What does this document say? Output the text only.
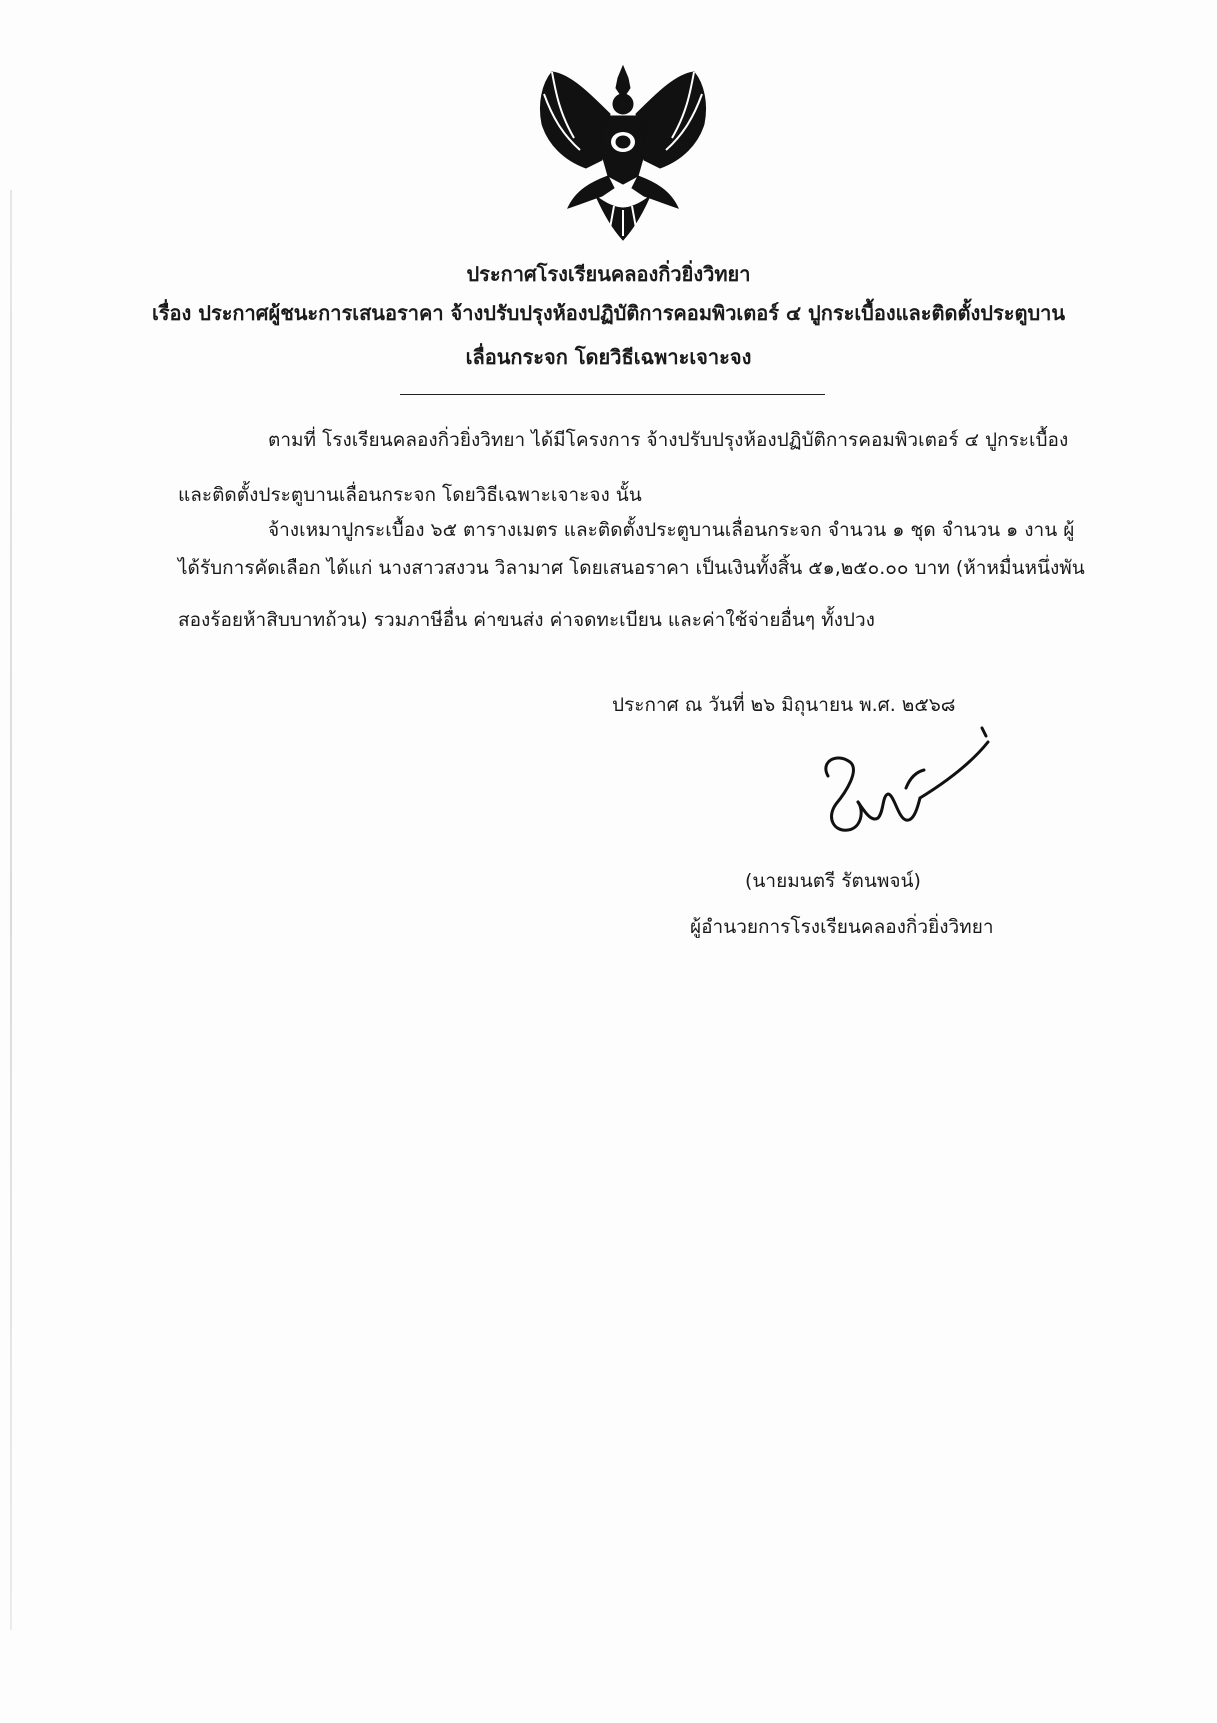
ประกาศโรงเรียนคลองกิ่วยิ่งวิทยา
เรื่อง ประกาศผู้ชนะการเสนอราคา จ้างปรับปรุงห้องปฏิบัติการคอมพิวเตอร์ ๔ ปูกระเบื้องและติดตั้งประตูบาน
เลื่อนกระจก โดยวิธีเฉพาะเจาะจง
ตามที่ โรงเรียนคลองกิ่วยิ่งวิทยา ได้มีโครงการ จ้างปรับปรุงห้องปฏิบัติการคอมพิวเตอร์ ๔ ปูกระเบื้อง
และติดตั้งประตูบานเลื่อนกระจก โดยวิธีเฉพาะเจาะจง นั้น
จ้างเหมาปูกระเบื้อง ๖๕ ตารางเมตร และติดตั้งประตูบานเลื่อนกระจก จำนวน ๑ ชุด จำนวน ๑ งาน ผู้
ได้รับการคัดเลือก ได้แก่ นางสาวสงวน วิลามาศ โดยเสนอราคา เป็นเงินทั้งสิ้น ๕๑,๒๕๐.๐๐ บาท (ห้าหมื่นหนึ่งพัน
สองร้อยห้าสิบบาทถ้วน) รวมภาษีอื่น ค่าขนส่ง ค่าจดทะเบียน และค่าใช้จ่ายอื่นๆ ทั้งปวง
ประกาศ ณ วันที่ ๒๖ มิถุนายน พ.ศ. ๒๕๖๘
(นายมนตรี รัตนพจน์)
ผู้อำนวยการโรงเรียนคลองกิ่วยิ่งวิทยา
